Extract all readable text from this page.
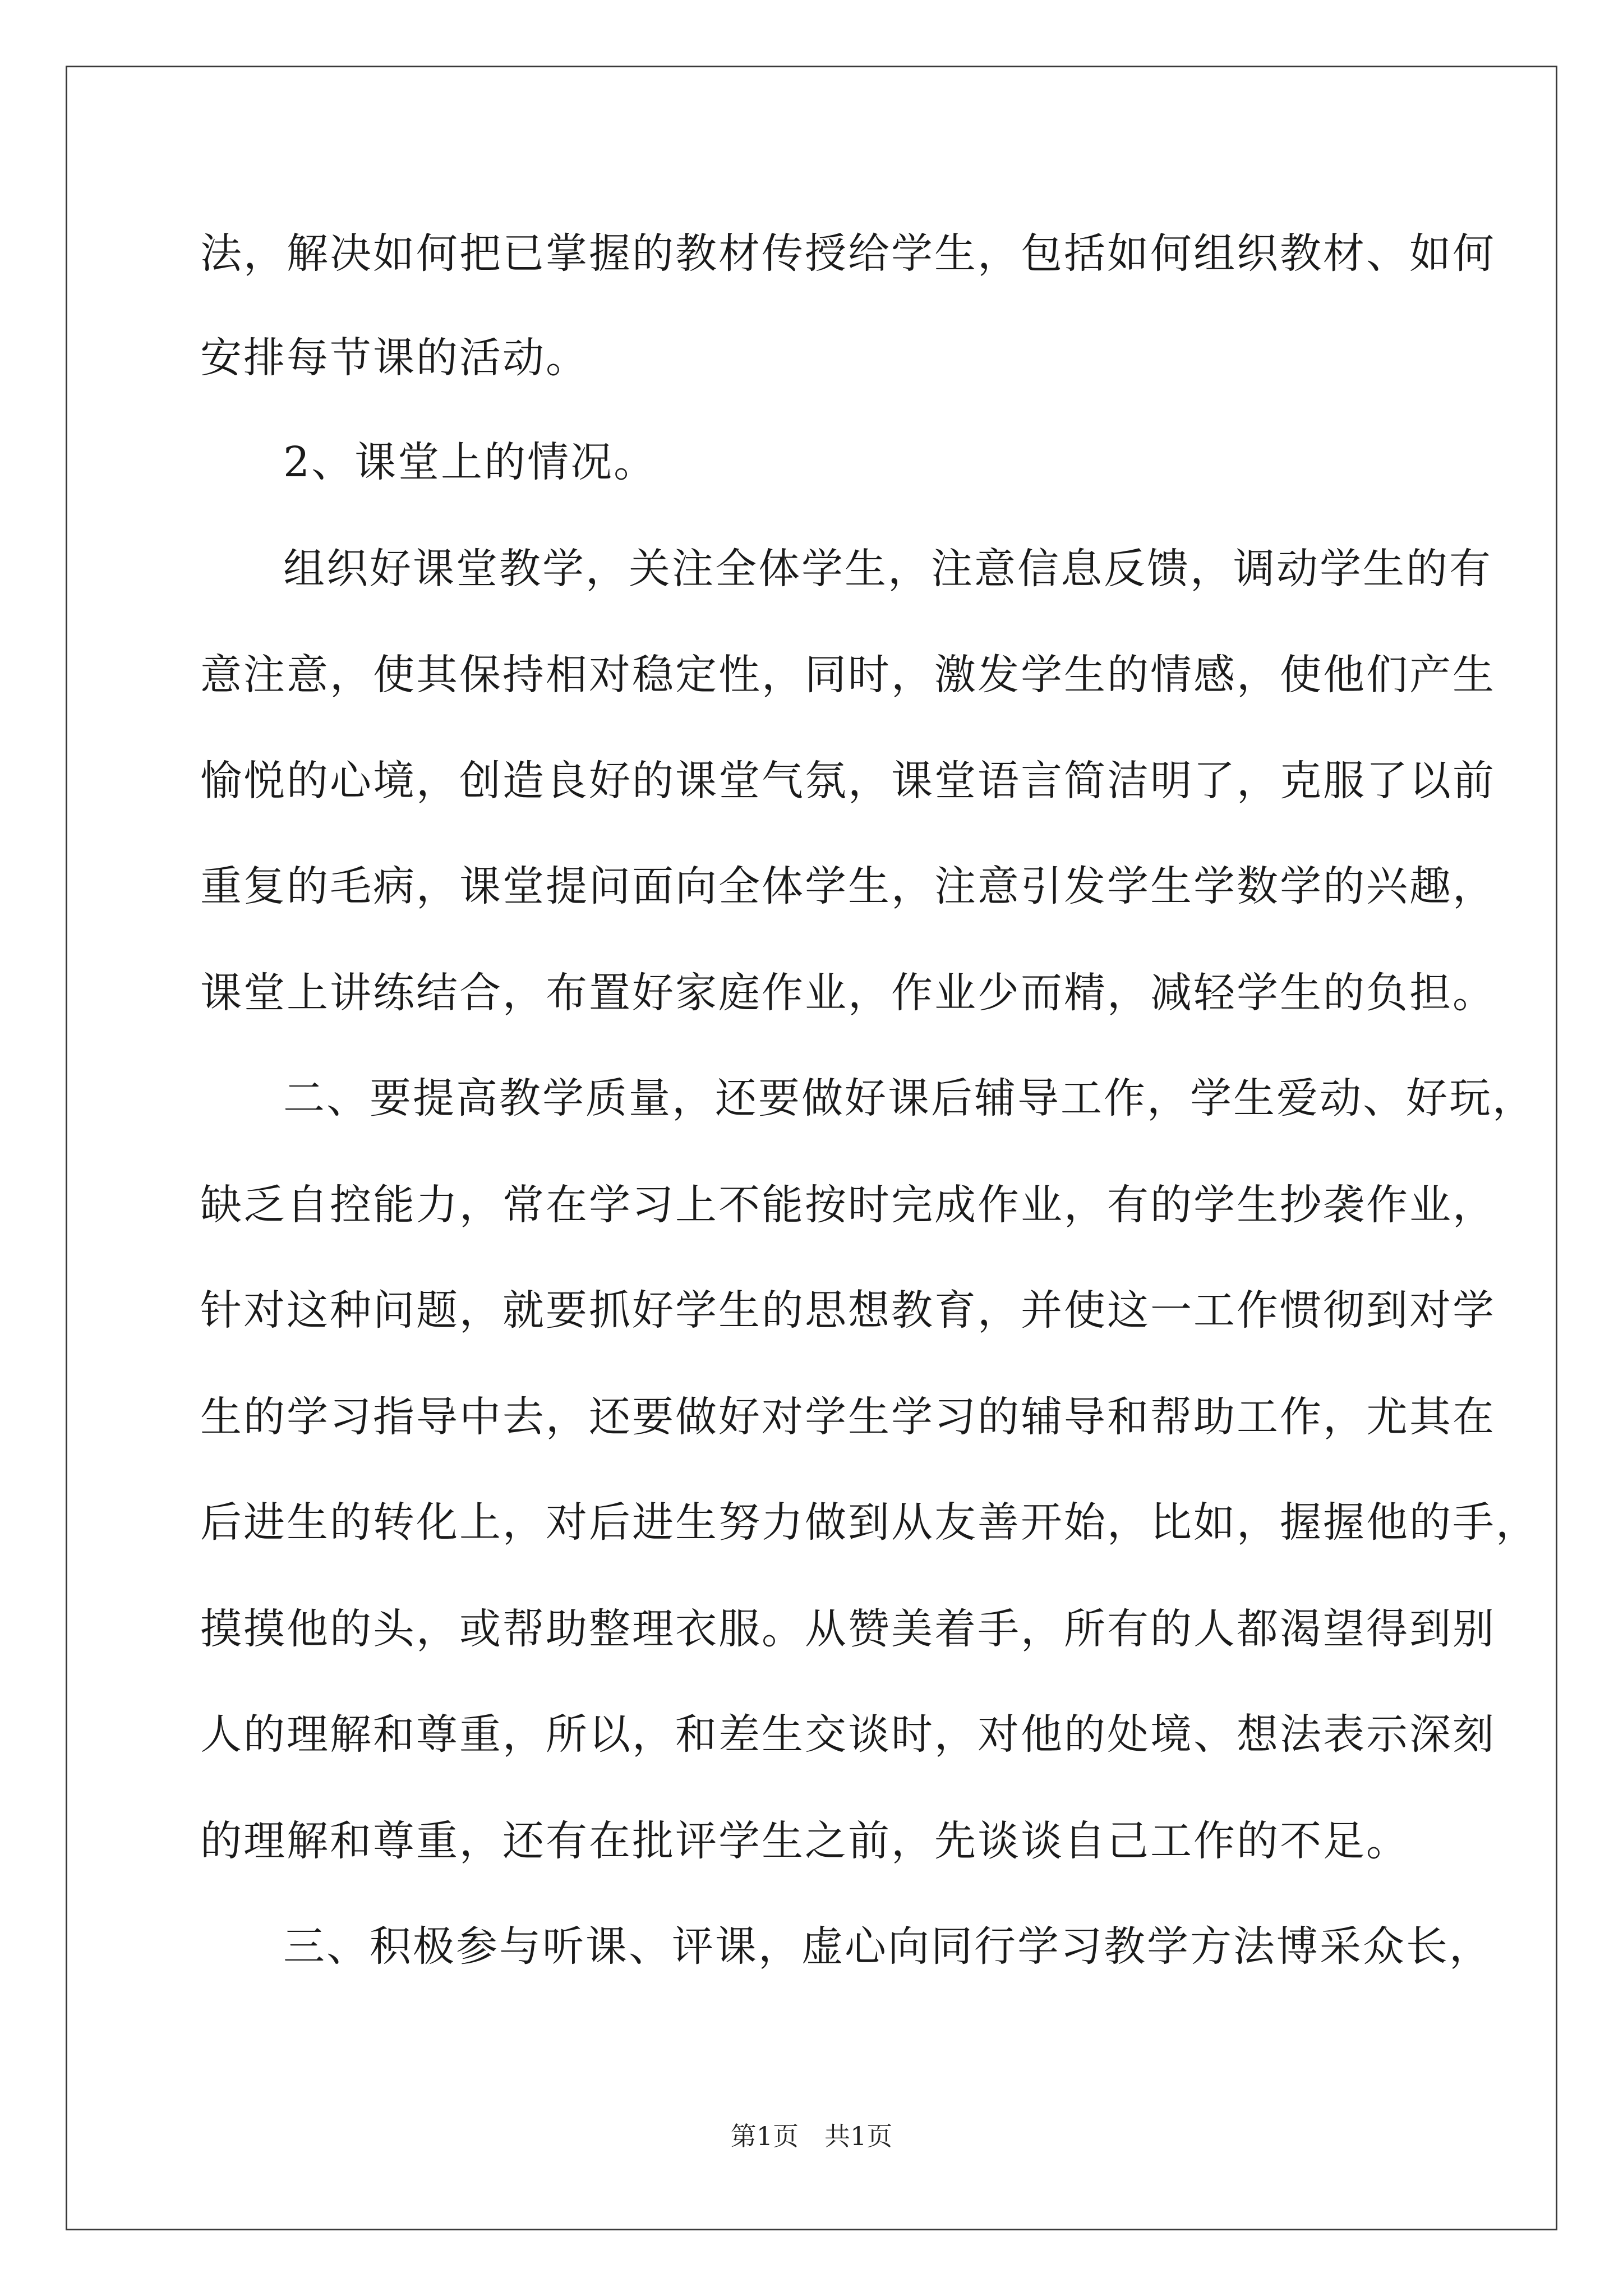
法，解决如何把已掌握的教材传授给学生，包括如何组织教材、如何
安排每节课的活动。
2、课堂上的情况。
组织好课堂教学，关注全体学生，注意信息反馈，调动学生的有
意注意，使其保持相对稳定性，同时，激发学生的情感，使他们产生
愉悦的心境，创造良好的课堂气氛，课堂语言简洁明了，克服了以前
重复的毛病，课堂提问面向全体学生，注意引发学生学数学的兴趣，
课堂上讲练结合，布置好家庭作业，作业少而精，减轻学生的负担。
二、要提高教学质量，还要做好课后辅导工作，学生爱动、好玩，
缺乏自控能力，常在学习上不能按时完成作业，有的学生抄袭作业，
针对这种问题，就要抓好学生的思想教育，并使这一工作惯彻到对学
生的学习指导中去，还要做好对学生学习的辅导和帮助工作，尤其在
后进生的转化上，对后进生努力做到从友善开始，比如，握握他的手，
摸摸他的头，或帮助整理衣服。从赞美着手，所有的人都渴望得到别
人的理解和尊重，所以，和差生交谈时，对他的处境、想法表示深刻
的理解和尊重，还有在批评学生之前，先谈谈自己工作的不足。
三、积极参与听课、评课，虚心向同行学习教学方法博采众长，
第1页　共1页
